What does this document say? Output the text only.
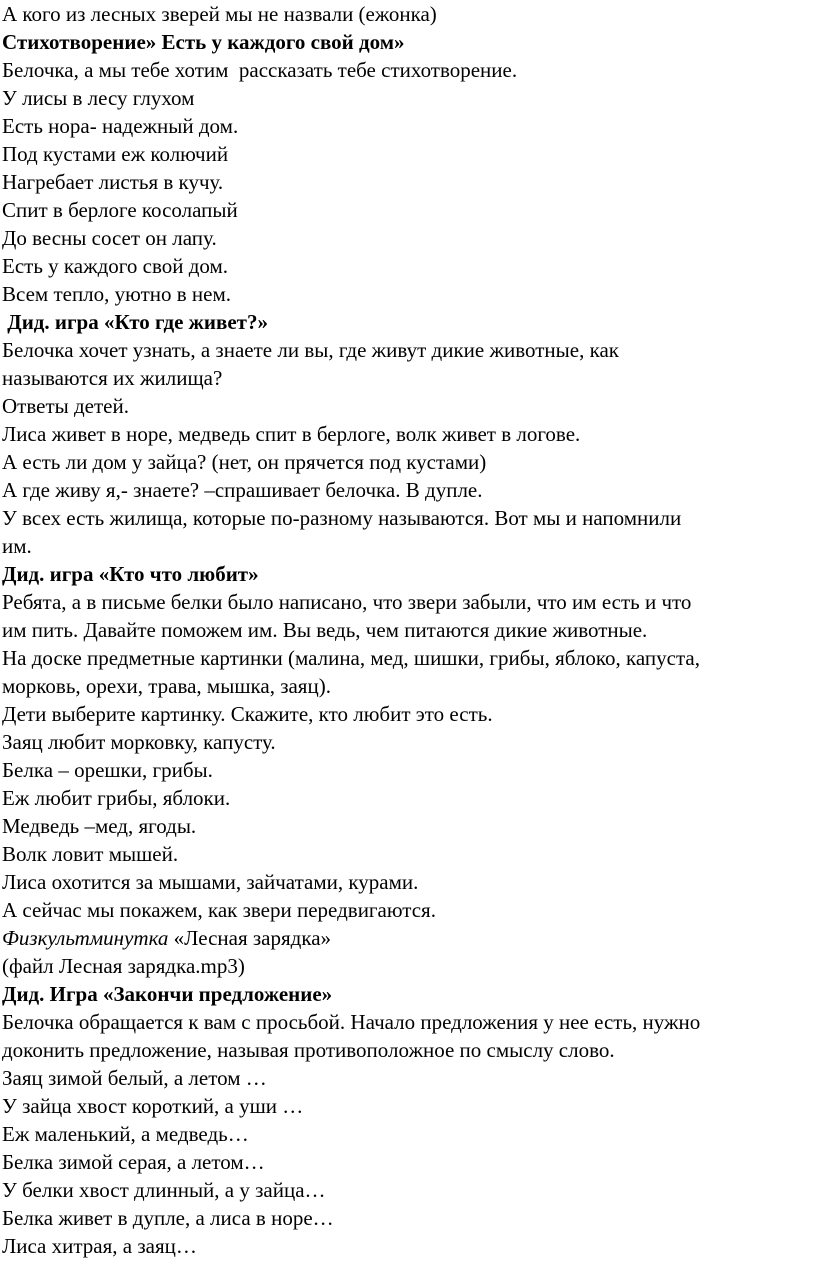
А кого из лесных зверей мы не назвали (ежонка)
Стихотворение» Есть у каждого свой дом»
Белочка, а мы тебе хотим  рассказать тебе стихотворение.
У лисы в лесу глухом
Есть нора- надежный дом.
Под кустами еж колючий
Нагребает листья в кучу.
Спит в берлоге косолапый
До весны сосет он лапу.
Есть у каждого свой дом.
Всем тепло, уютно в нем.
Дид. игра «Кто где живет?»
Белочка хочет узнать, а знаете ли вы, где живут дикие животные, как
называются их жилища?
Ответы детей.
Лиса живет в норе, медведь спит в берлоге, волк живет в логове.
А есть ли дом у зайца? (нет, он прячется под кустами)
А где живу я,- знаете? –спрашивает белочка. В дупле.
У всех есть жилища, которые по-разному называются. Вот мы и напомнили
им.
Дид. игра «Кто что любит»
Ребята, а в письме белки было написано, что звери забыли, что им есть и что
им пить. Давайте поможем им. Вы ведь, чем питаются дикие животные.
На доске предметные картинки (малина, мед, шишки, грибы, яблоко, капуста,
морковь, орехи, трава, мышка, заяц).
Дети выберите картинку. Скажите, кто любит это есть.
Заяц любит морковку, капусту.
Белка – орешки, грибы.
Еж любит грибы, яблоки.
Медведь –мед, ягоды.
Волк ловит мышей.
Лиса охотится за мышами, зайчатами, курами.
А сейчас мы покажем, как звери передвигаются.
Физкультминутка «Лесная зарядка»
(файл Лесная зарядка.mp3)
Дид. Игра «Закончи предложение»
Белочка обращается к вам с просьбой. Начало предложения у нее есть, нужно
доконить предложение, называя противоположное по смыслу слово.
Заяц зимой белый, а летом …
У зайца хвост короткий, а уши …
Еж маленький, а медведь…
Белка зимой серая, а летом…
У белки хвост длинный, а у зайца…
Белка живет в дупле, а лиса в норе…
Лиса хитрая, а заяц…
